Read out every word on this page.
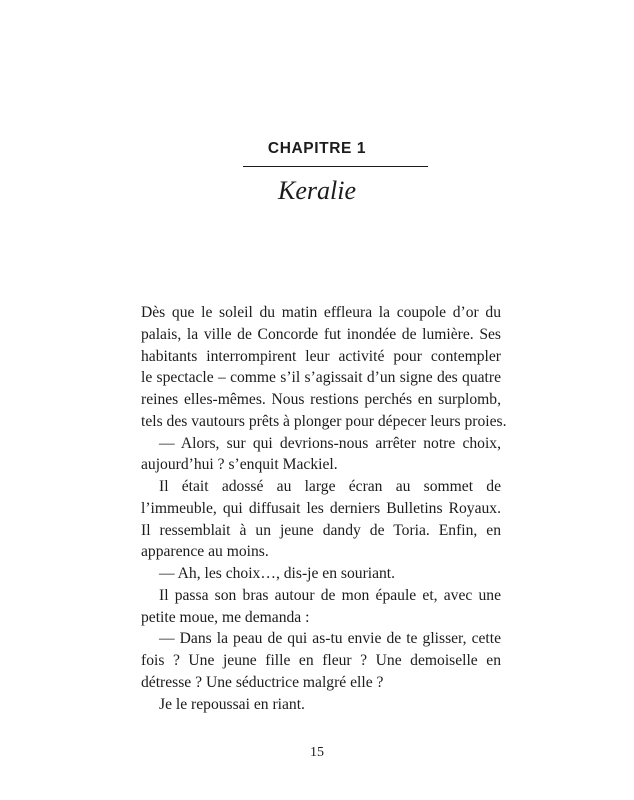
CHAPITRE 1
Keralie
Dès que le soleil du matin effleura la coupole d’or du
palais, la ville de Concorde fut inondée de lumière. Ses
habitants interrompirent leur activité pour contempler
le spectacle – comme s’il s’agissait d’un signe des quatre
reines elles-mêmes. Nous restions perchés en surplomb,
tels des vautours prêts à plonger pour dépecer leurs proies.
— Alors, sur qui devrions-nous arrêter notre choix,
aujourd’hui ? s’enquit Mackiel.
Il était adossé au large écran au sommet de
l’immeuble, qui diffusait les derniers Bulletins Royaux.
Il ressemblait à un jeune dandy de Toria. Enfin, en
apparence au moins.
— Ah, les choix…, dis-je en souriant.
Il passa son bras autour de mon épaule et, avec une
petite moue, me demanda :
— Dans la peau de qui as-tu envie de te glisser, cette
fois ? Une jeune fille en fleur ? Une demoiselle en
détresse ? Une séductrice malgré elle ?
Je le repoussai en riant.
15
